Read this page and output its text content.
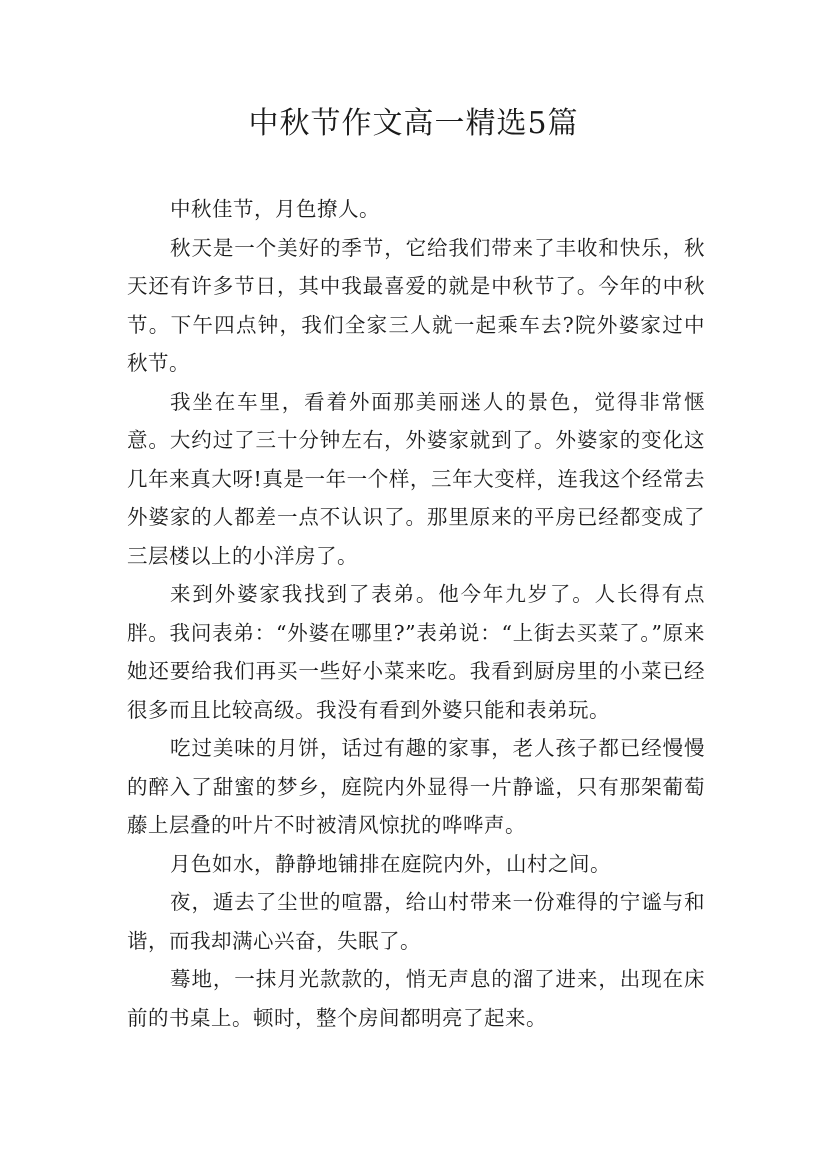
中秋节作文高一精选5篇

中秋佳节，月色撩人。

秋天是一个美好的季节，它给我们带来了丰收和快乐，秋天还有许多节日，其中我最喜爱的就是中秋节了。今年的中秋节。下午四点钟，我们全家三人就一起乘车去?院外婆家过中秋节。

我坐在车里，看着外面那美丽迷人的景色，觉得非常惬意。大约过了三十分钟左右，外婆家就到了。外婆家的变化这几年来真大呀!真是一年一个样，三年大变样，连我这个经常去外婆家的人都差一点不认识了。那里原来的平房已经都变成了三层楼以上的小洋房了。

来到外婆家我找到了表弟。他今年九岁了。人长得有点胖。我问表弟：“外婆在哪里?”表弟说：“上街去买菜了。”原来她还要给我们再买一些好小菜来吃。我看到厨房里的小菜已经很多而且比较高级。我没有看到外婆只能和表弟玩。

吃过美味的月饼，话过有趣的家事，老人孩子都已经慢慢的醉入了甜蜜的梦乡，庭院内外显得一片静谧，只有那架葡萄藤上层叠的叶片不时被清风惊扰的哗哗声。

月色如水，静静地铺排在庭院内外，山村之间。

夜，遁去了尘世的喧嚣，给山村带来一份难得的宁谧与和谐，而我却满心兴奋，失眠了。

蓦地，一抹月光款款的，悄无声息的溜了进来，出现在床前的书桌上。顿时，整个房间都明亮了起来。
